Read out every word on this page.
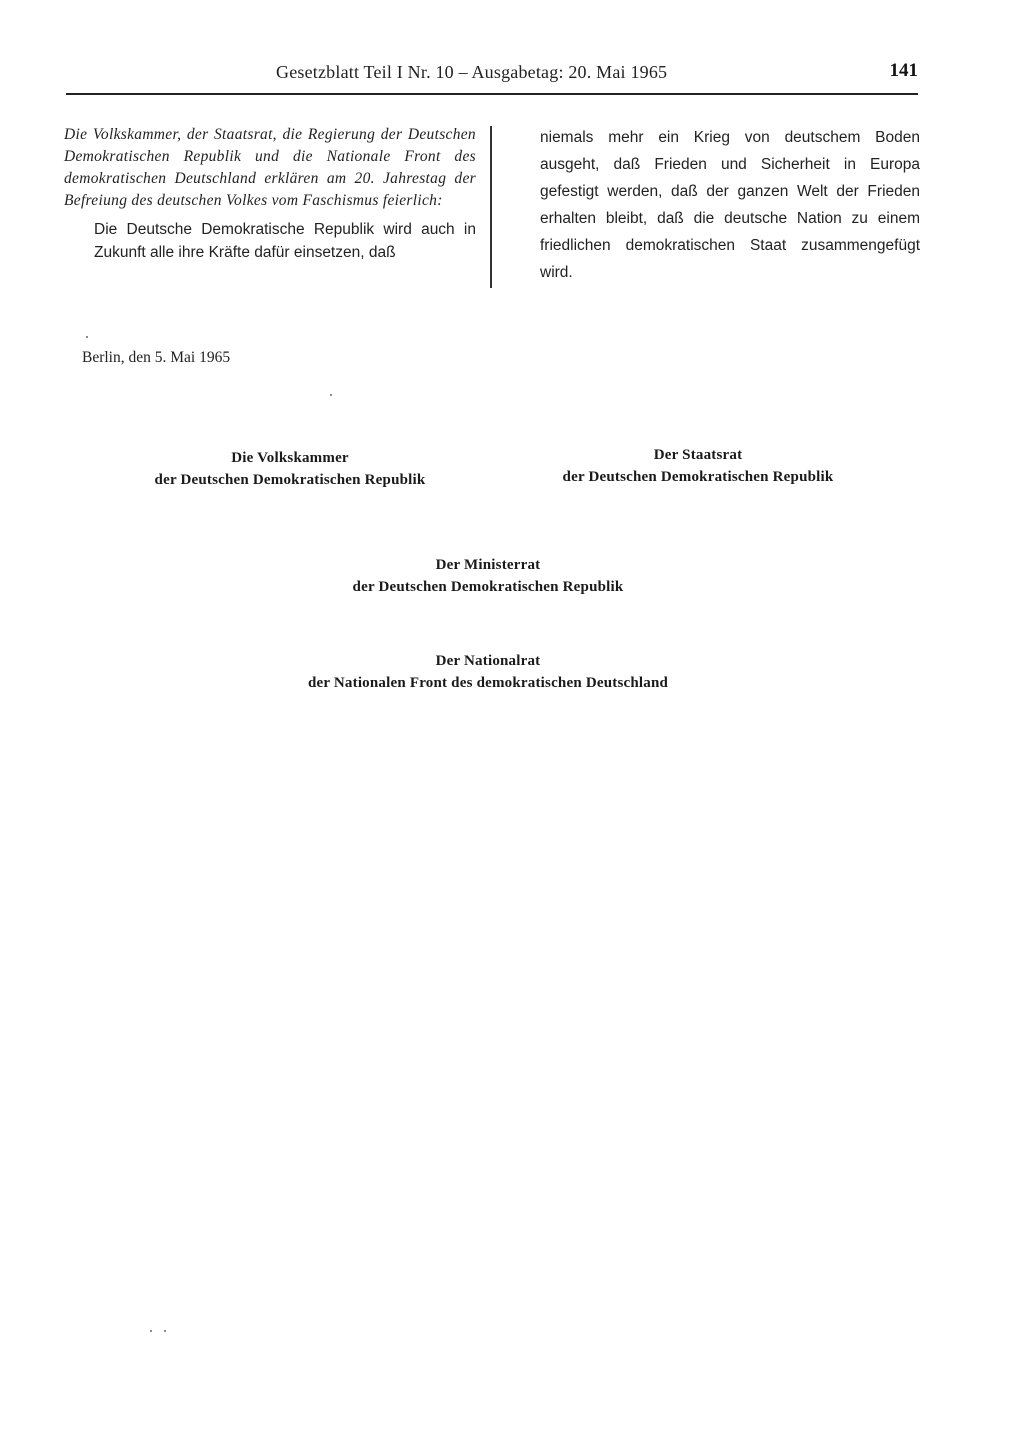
Gesetzblatt Teil I Nr. 10 – Ausgabetag: 20. Mai 1965	141

Die Volkskammer, der Staatsrat, die Regierung der Deutschen Demokratischen Republik und die Nationale Front des demokratischen Deutschland erklären am 20. Jahrestag der Befreiung des deutschen Volkes vom Faschismus feierlich:

Die Deutsche Demokratische Republik wird auch in Zukunft alle ihre Kräfte dafür einsetzen, daß

niemals mehr ein Krieg von deutschem Boden ausgeht, daß Frieden und Sicherheit in Europa gefestigt werden, daß der ganzen Welt der Frieden erhalten bleibt, daß die deutsche Nation zu einem friedlichen demokratischen Staat zusammengefügt wird.

Berlin, den 5. Mai 1965
Die Volkskammer
der Deutschen Demokratischen Republik
Der Staatsrat
der Deutschen Demokratischen Republik
Der Ministerrat
der Deutschen Demokratischen Republik
Der Nationalrat
der Nationalen Front des demokratischen Deutschland
